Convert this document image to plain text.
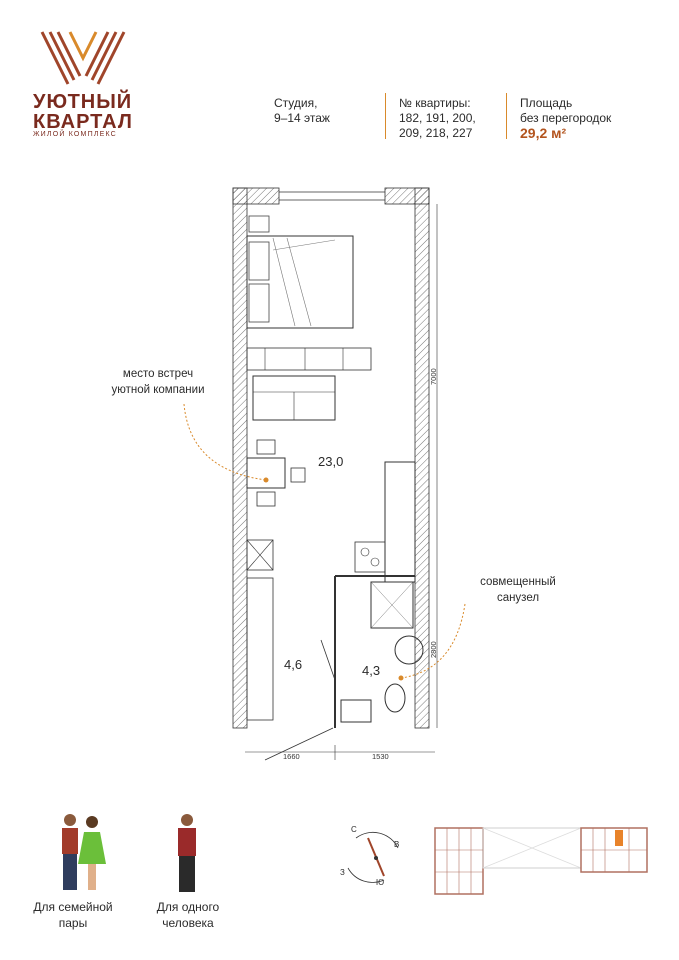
УЮТНЫЙ
КВАРТАЛ
ЖИЛОЙ КОМПЛЕКС
Студия,
9–14 этаж
№ квартиры:
182, 191, 200,
209, 218, 227
Площадь
без перегородок
29,2 м²
23,0
4,6	4,3
7000
2800
1660	1530
место встреч
уютной компании
совмещенный
санузел
Для семейной
пары
Для одного
человека
С
В
З
Ю
